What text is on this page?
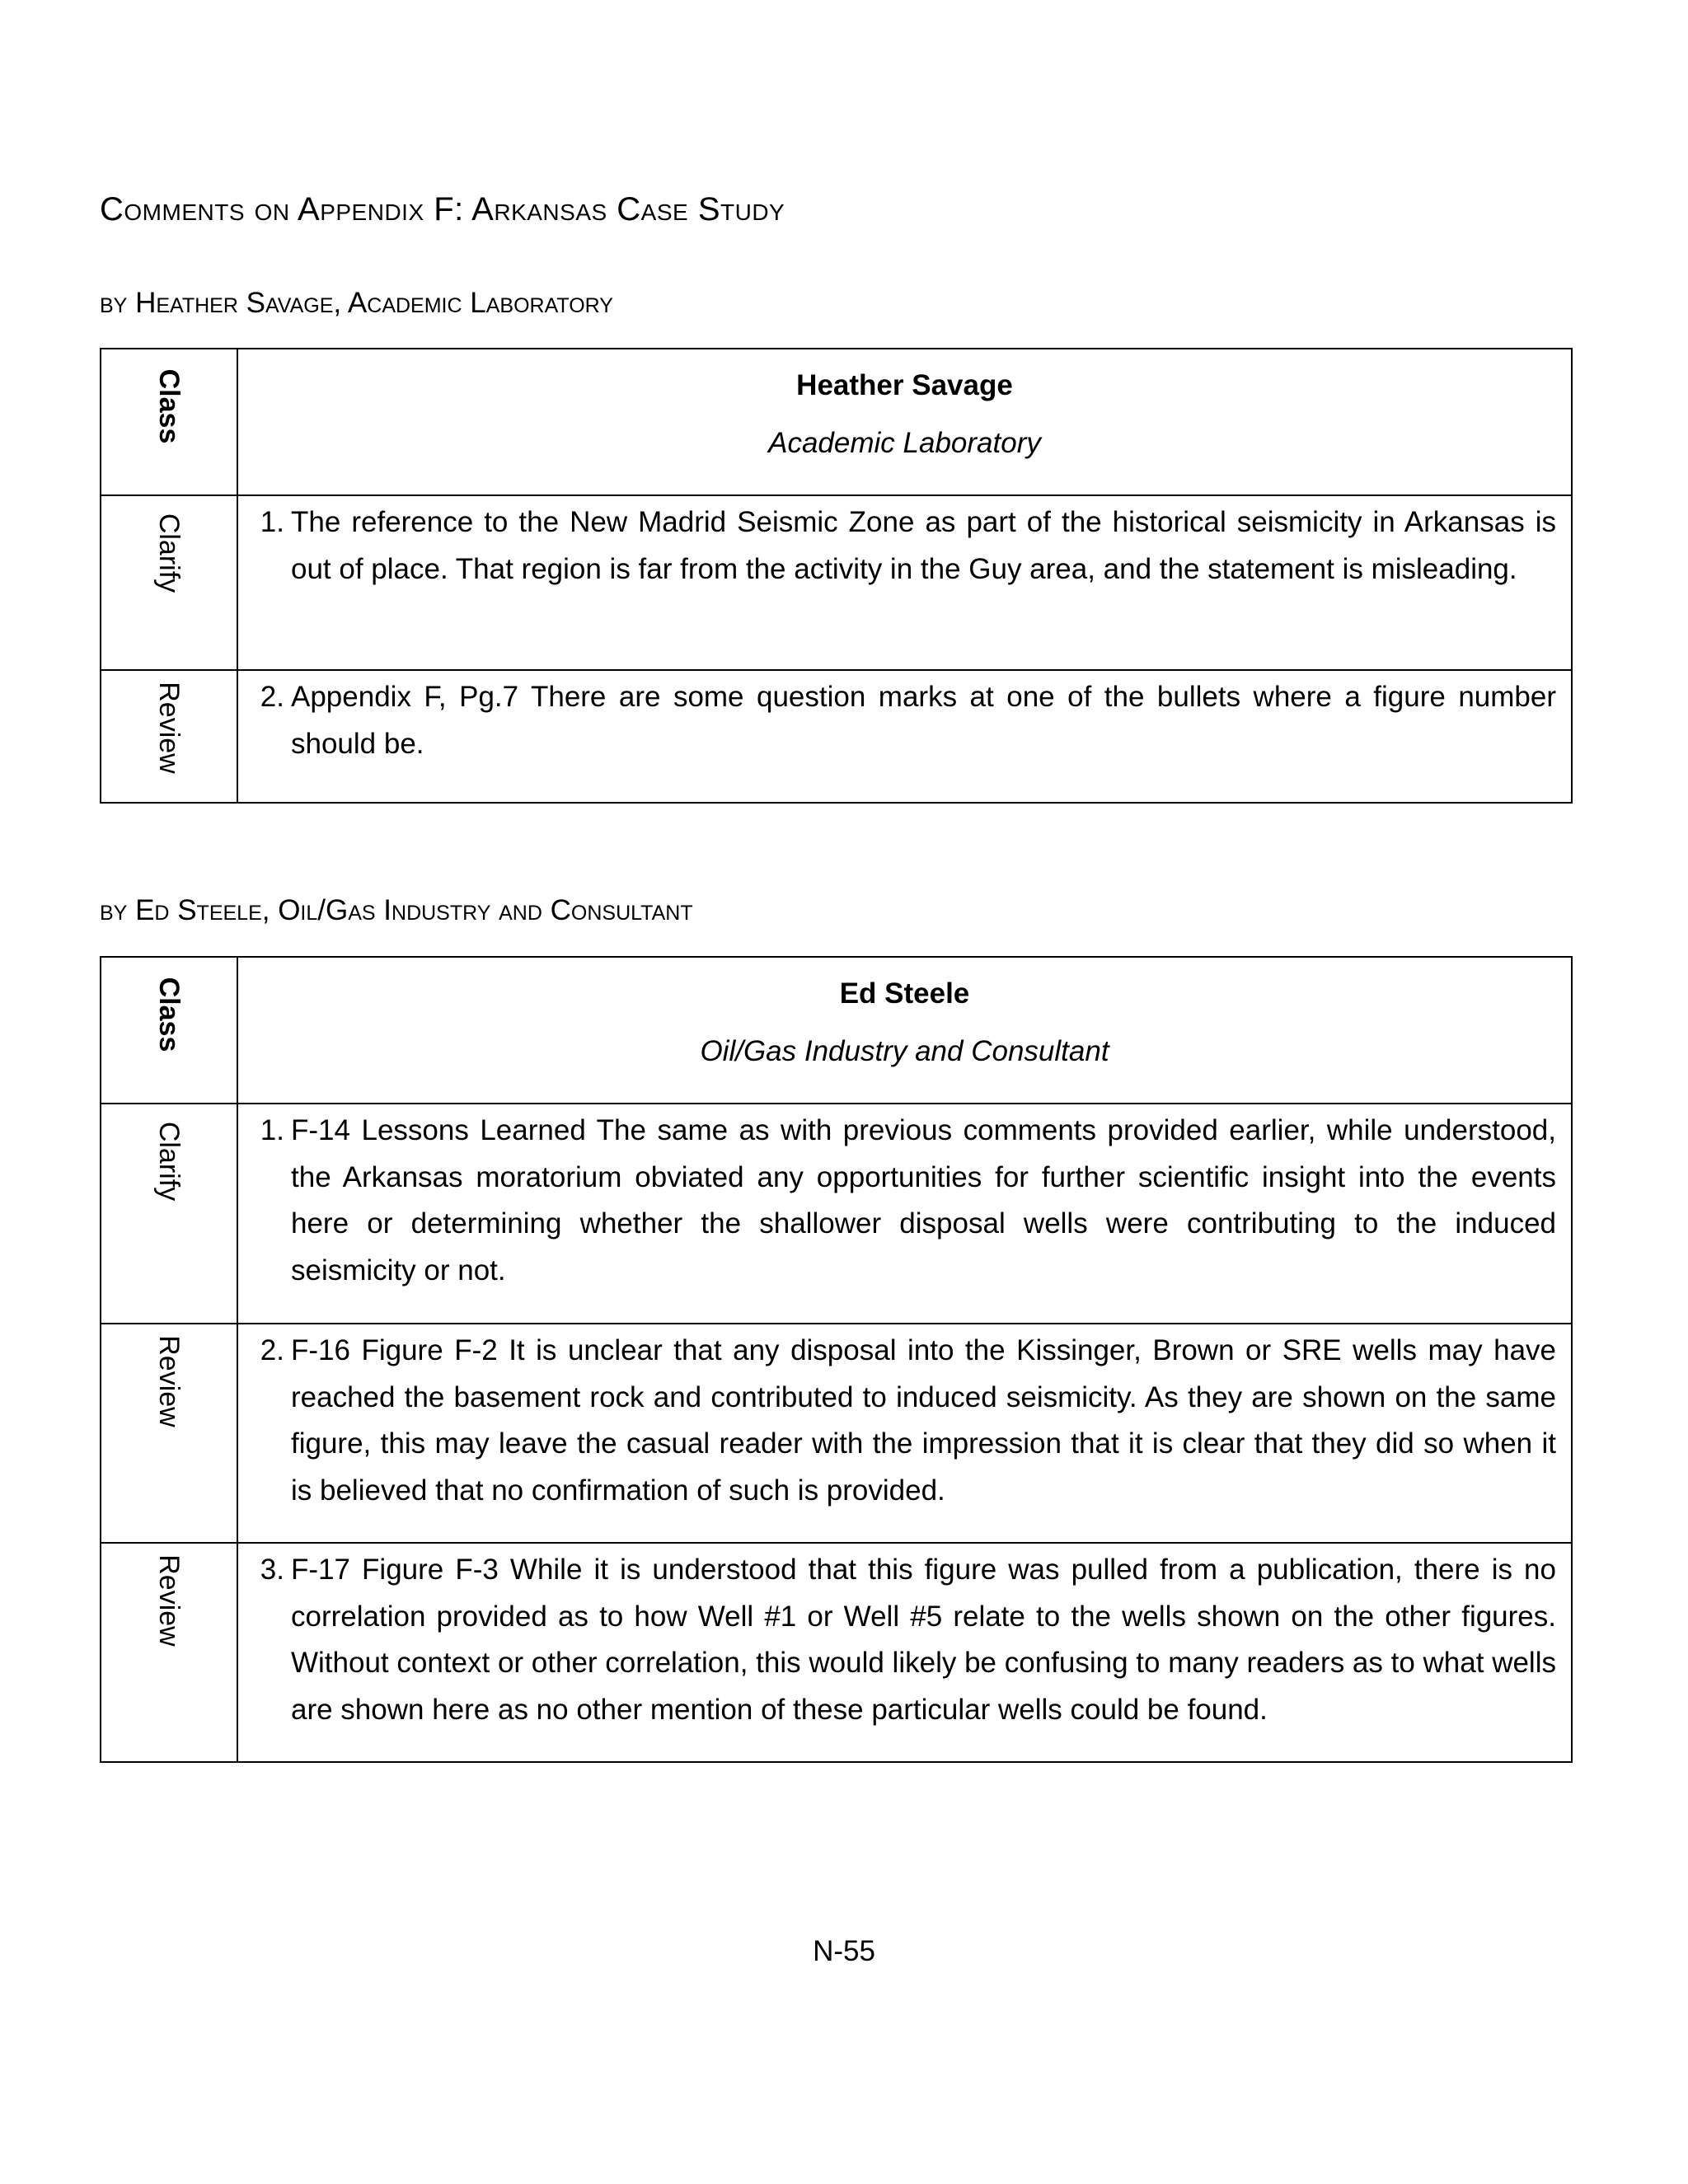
Comments on Appendix F: Arkansas Case Study
by Heather Savage, Academic Laboratory
Class	Heather Savage
Academic Laboratory

Clarify	1. The reference to the New Madrid Seismic Zone as part of the historical seismicity in Arkansas is out of place. That region is far from the activity in the Guy area, and the statement is misleading.

Review	2. Appendix F, Pg.7 There are some question marks at one of the bullets where a figure number should be.
by Ed Steele, Oil/Gas Industry and Consultant
Class	Ed Steele
Oil/Gas Industry and Consultant

Clarify	1. F-14 Lessons Learned The same as with previous comments provided earlier, while understood, the Arkansas moratorium obviated any opportunities for further scientific insight into the events here or determining whether the shallower disposal wells were contributing to the induced seismicity or not.

Review	2. F-16 Figure F-2 It is unclear that any disposal into the Kissinger, Brown or SRE wells may have reached the basement rock and contributed to induced seismicity. As they are shown on the same figure, this may leave the casual reader with the impression that it is clear that they did so when it is believed that no confirmation of such is provided.

Review	3. F-17 Figure F-3 While it is understood that this figure was pulled from a publication, there is no correlation provided as to how Well #1 or Well #5 relate to the wells shown on the other figures. Without context or other correlation, this would likely be confusing to many readers as to what wells are shown here as no other mention of these particular wells could be found.
N-55
